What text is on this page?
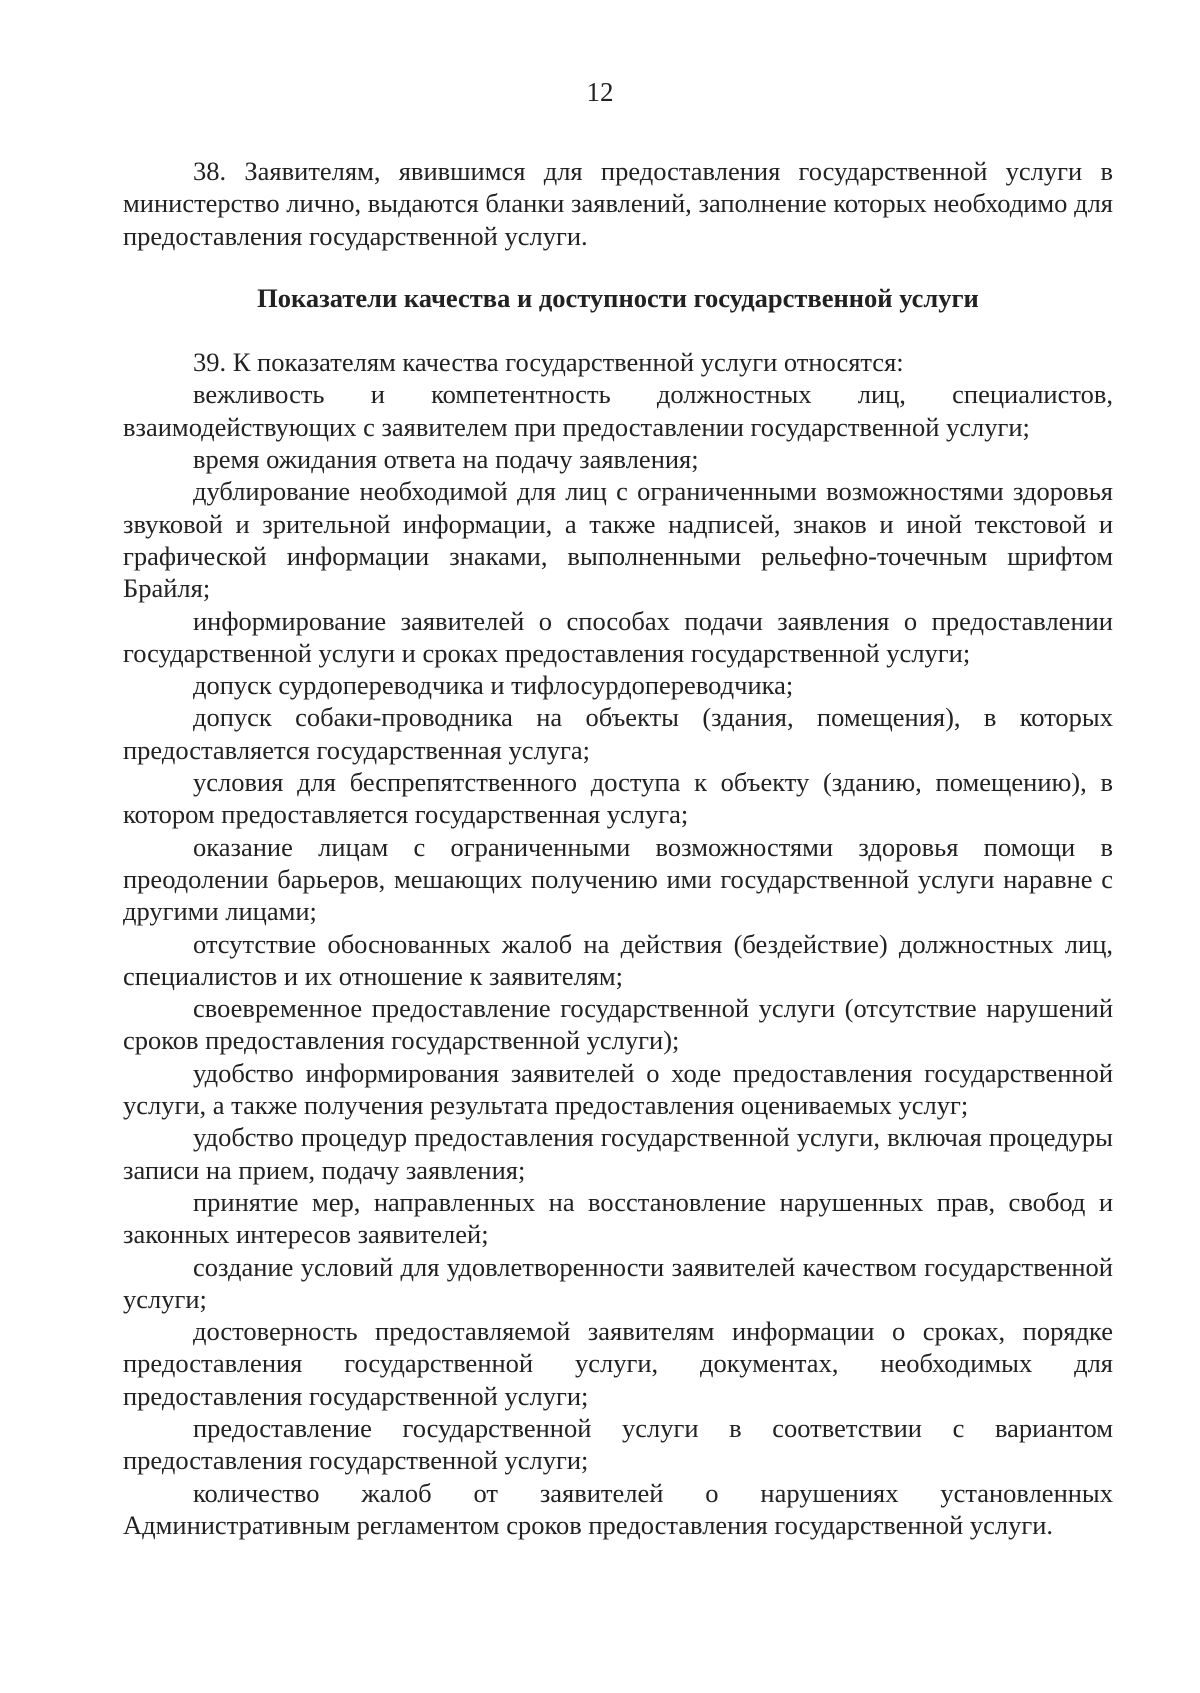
12

38. Заявителям, явившимся для предоставления государственной услуги в министерство лично, выдаются бланки заявлений, заполнение которых необходимо для предоставления государственной услуги.

Показатели качества и доступности государственной услуги

39. К показателям качества государственной услуги относятся:

вежливость и компетентность должностных лиц, специалистов, взаимодействующих с заявителем при предоставлении государственной услуги;

время ожидания ответа на подачу заявления;

дублирование необходимой для лиц с ограниченными возможностями здоровья звуковой и зрительной информации, а также надписей, знаков и иной текстовой и графической информации знаками, выполненными рельефно-точечным шрифтом Брайля;

информирование заявителей о способах подачи заявления о предоставлении государственной услуги и сроках предоставления государственной услуги;

допуск сурдопереводчика и тифлосурдопереводчика;

допуск собаки-проводника на объекты (здания, помещения), в которых предоставляется государственная услуга;

условия для беспрепятственного доступа к объекту (зданию, помещению), в котором предоставляется государственная услуга;

оказание лицам с ограниченными возможностями здоровья помощи в преодолении барьеров, мешающих получению ими государственной услуги наравне с другими лицами;

отсутствие обоснованных жалоб на действия (бездействие) должностных лиц, специалистов и их отношение к заявителям;

своевременное предоставление государственной услуги (отсутствие нарушений сроков предоставления государственной услуги);

удобство информирования заявителей о ходе предоставления государственной услуги, а также получения результата предоставления оцениваемых услуг;

удобство процедур предоставления государственной услуги, включая процедуры записи на прием, подачу заявления;

принятие мер, направленных на восстановление нарушенных прав, свобод и законных интересов заявителей;

создание условий для удовлетворенности заявителей качеством государственной услуги;

достоверность предоставляемой заявителям информации о сроках, порядке предоставления государственной услуги, документах, необходимых для предоставления государственной услуги;

предоставление государственной услуги в соответствии с вариантом предоставления государственной услуги;

количество жалоб от заявителей о нарушениях установленных Административным регламентом сроков предоставления государственной услуги.
